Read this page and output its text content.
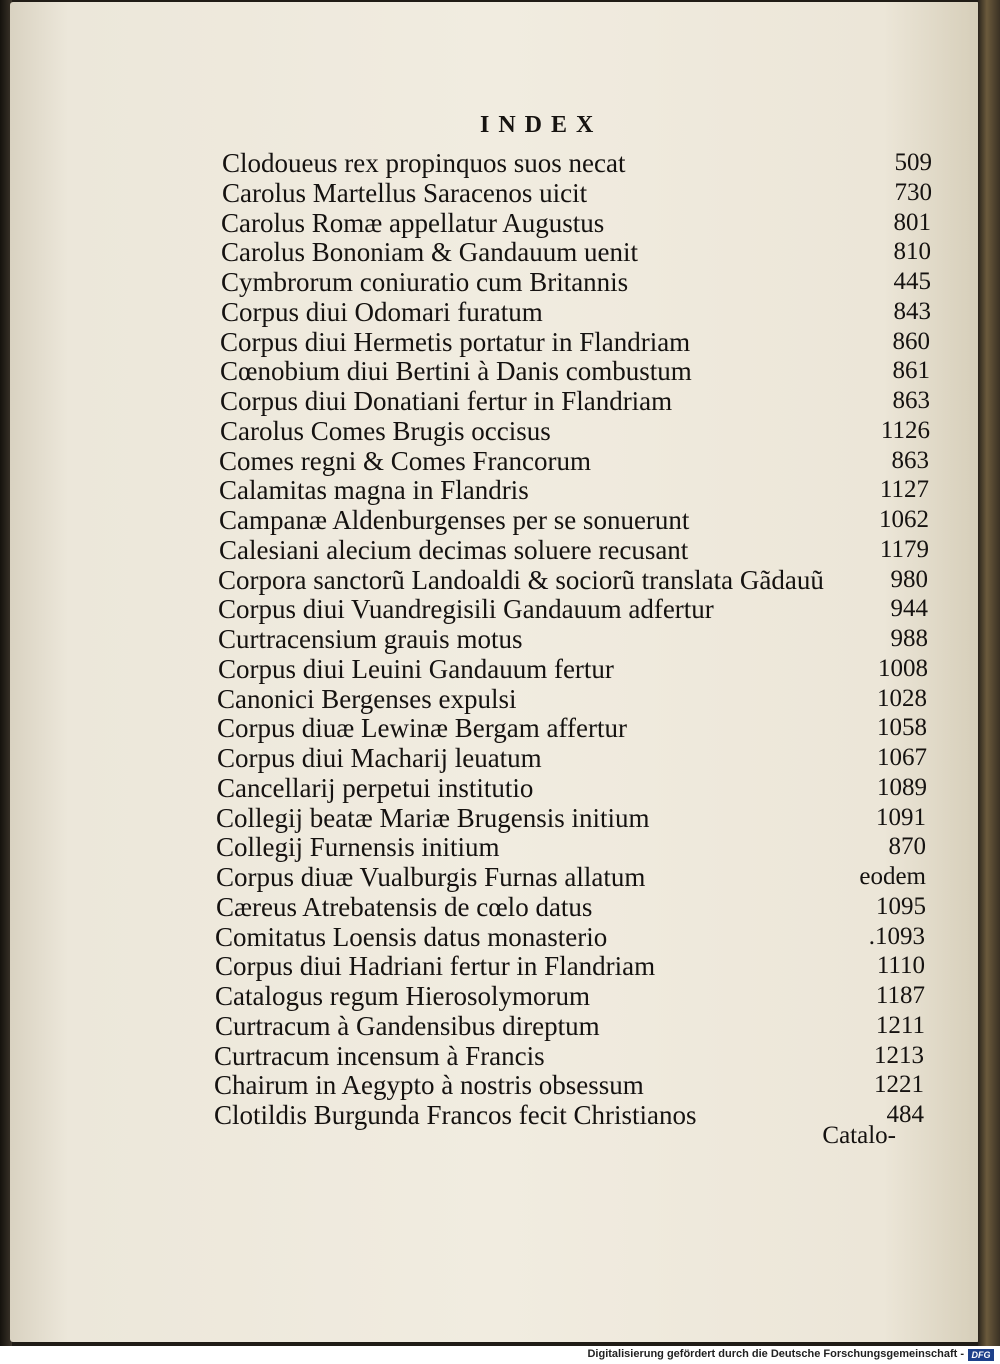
INDEX
Clodoueus rex propinquos suos necat	509
Carolus Martellus Saracenos uicit	730
Carolus Romæ appellatur Augustus	801
Carolus Bononiam & Gandauum uenit	810
Cymbrorum coniuratio cum Britannis	445
Corpus diui Odomari furatum	843
Corpus diui Hermetis portatur in Flandriam	860
Cœnobium diui Bertini à Danis combustum	861
Corpus diui Donatiani fertur in Flandriam	863
Carolus Comes Brugis occisus	1126
Comes regni & Comes Francorum	863
Calamitas magna in Flandris	1127
Campanæ Aldenburgenses per se sonuerunt	1062
Calesiani alecium decimas soluere recusant	1179
Corpora sanctorũ Landoaldi & sociorũ translata Gãdauũ	980
Corpus diui Vuandregisili Gandauum adfertur	944
Curtracensium grauis motus	988
Corpus diui Leuini Gandauum fertur	1008
Canonici Bergenses expulsi	1028
Corpus diuæ Lewinæ Bergam affertur	1058
Corpus diui Macharij leuatum	1067
Cancellarij perpetui institutio	1089
Collegij beatæ Mariæ Brugensis initium	1091
Collegij Furnensis initium	870
Corpus diuæ Vualburgis Furnas allatum	eodem
Cæreus Atrebatensis de cœlo datus	1095
Comitatus Loensis datus monasterio	.1093
Corpus diui Hadriani fertur in Flandriam	1110
Catalogus regum Hierosolymorum	1187
Curtracum à Gandensibus direptum	1211
Curtracum incensum à Francis	1213
Chairum in Aegypto à nostris obsessum	1221
Clotildis Burgunda Francos fecit Christianos	484
Catalo-
Digitalisierung gefördert durch die Deutsche Forschungsgemeinschaft - DFG
